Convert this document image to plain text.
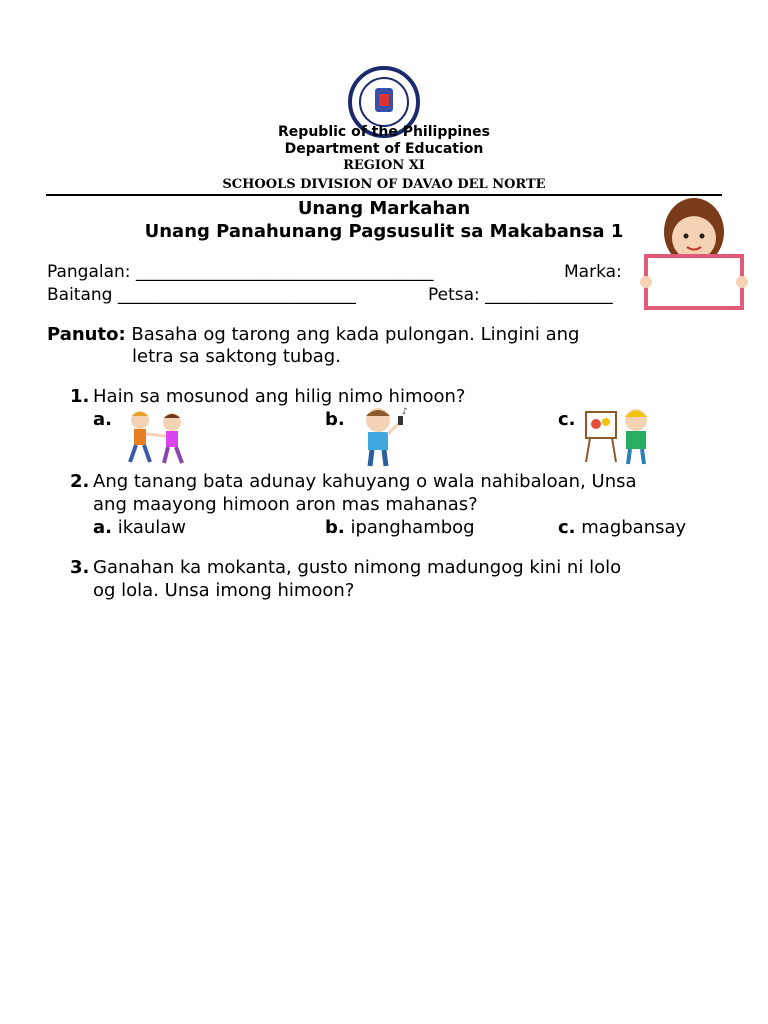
Republic of the Philippines
Department of Education
REGION XI
SCHOOLS DIVISION OF DAVAO DEL NORTE
Unang Markahan
Unang Panahunang Pagsusulit sa Makabansa 1
Pangalan: ___________________________________	Marka:
Baitang ____________________________	Petsa: _______________
Panuto: Basaha og tarong ang kada pulongan. Lingini ang
letra sa saktong tubag.
1. Hain sa mosunod ang hilig nimo himoon?
a.	b.	c.
♪
2. Ang tanang bata adunay kahuyang o wala nahibaloan, Unsa
ang maayong himoon aron mas mahanas?
a. ikaulaw	b. ipanghambog	c. magbansay
3. Ganahan ka mokanta, gusto nimong madungog kini ni lolo
og lola. Unsa imong himoon?
